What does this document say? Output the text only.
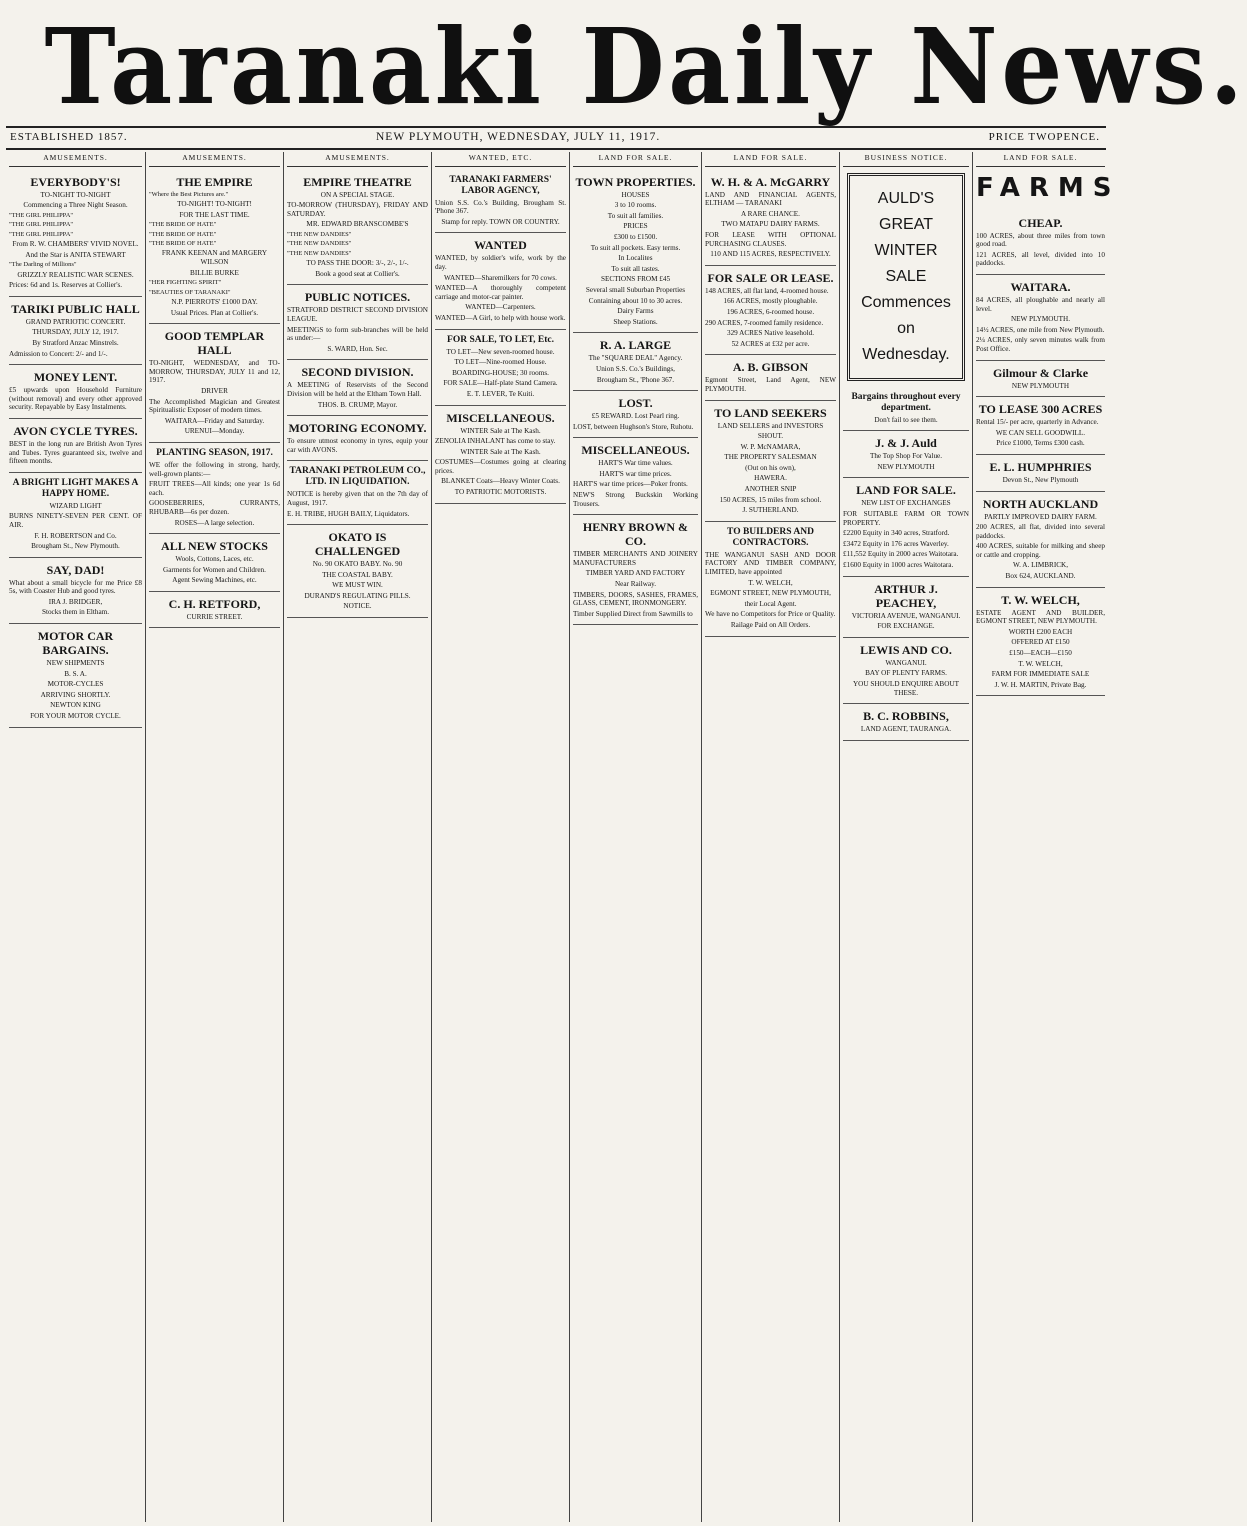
Taranaki Daily News.
ESTABLISHED 1857.	NEW PLYMOUTH, WEDNESDAY, JULY 11, 1917.	PRICE TWOPENCE.
AMUSEMENTS.
EVERYBODY'S!

TO-NIGHT TO-NIGHT

Commencing a Three Night Season.

"THE GIRL PHILIPPA"

"THE GIRL PHILIPPA"

"THE GIRL PHILIPPA"

From R. W. CHAMBERS' VIVID NOVEL.

And the Star is ANITA STEWART

"The Darling of Millions"

GRIZZLY REALISTIC WAR SCENES.

Prices: 6d and 1s. Reserves at Collier's.

TARIKI PUBLIC HALL

GRAND PATRIOTIC CONCERT.

THURSDAY, JULY 12, 1917.

By Stratford Anzac Minstrels.

Admission to Concert: 2/- and 1/-.

MONEY LENT.

£5 upwards upon Household Furniture (without removal) and every other approved security. Repayable by Easy Instalments.

AVON CYCLE TYRES.

BEST in the long run are British Avon Tyres and Tubes. Tyres guaranteed six, twelve and fifteen months.

A BRIGHT LIGHT MAKES A HAPPY HOME.

WIZARD LIGHT

BURNS NINETY-SEVEN PER CENT. OF AIR.

F. H. ROBERTSON and Co.

Brougham St., New Plymouth.

SAY, DAD!

What about a small bicycle for me Price £8 5s, with Coaster Hub and good tyres.

IRA J. BRIDGER,

Stocks them in Eltham.

MOTOR CAR BARGAINS.

NEW SHIPMENTS

B. S. A.

MOTOR-CYCLES

ARRIVING SHORTLY.

NEWTON KING

FOR YOUR MOTOR CYCLE.

AMUSEMENTS.
THE EMPIRE

"Where the Best Pictures are."

TO-NIGHT! TO-NIGHT!

FOR THE LAST TIME.

"THE BRIDE OF HATE"

"THE BRIDE OF HATE"

"THE BRIDE OF HATE"

FRANK KEENAN and MARGERY WILSON

BILLIE BURKE

"HER FIGHTING SPIRIT"

"BEAUTIES OF TARANAKI"

N.P. PIERROTS' £1000 DAY.

Usual Prices. Plan at Collier's.

GOOD TEMPLAR HALL

TO-NIGHT, WEDNESDAY, and TO-MORROW, THURSDAY, JULY 11 and 12, 1917.

DRIVER

The Accomplished Magician and Greatest Spiritualistic Exposer of modern times.

WAITARA—Friday and Saturday.

URENUI—Monday.

PLANTING SEASON, 1917.

WE offer the following in strong, hardy, well-grown plants:—

FRUIT TREES—All kinds; one year 1s 6d each.

GOOSEBERRIES, CURRANTS, RHUBARB—6s per dozen.

ROSES—A large selection.

ALL NEW STOCKS

Wools, Cottons, Laces, etc.

Garments for Women and Children.

Agent Sewing Machines, etc.

C. H. RETFORD,

CURRIE STREET.

AMUSEMENTS.
EMPIRE THEATRE

ON A SPECIAL STAGE.

TO-MORROW (THURSDAY), FRIDAY AND SATURDAY.

MR. EDWARD BRANSCOMBE'S

"THE NEW DANDIES"

"THE NEW DANDIES"

"THE NEW DANDIES"

TO PASS THE DOOR: 3/-, 2/-, 1/-.

Book a good seat at Collier's.

PUBLIC NOTICES.

STRATFORD DISTRICT SECOND DIVISION LEAGUE.

MEETINGS to form sub-branches will be held as under:—

S. WARD, Hon. Sec.

SECOND DIVISION.

A MEETING of Reservists of the Second Division will be held at the Eltham Town Hall.

THOS. B. CRUMP, Mayor.

MOTORING ECONOMY.

To ensure utmost economy in tyres, equip your car with AVONS.

TARANAKI PETROLEUM CO., LTD. IN LIQUIDATION.

NOTICE is hereby given that on the 7th day of August, 1917.

E. H. TRIBE, HUGH BAILY, Liquidators.

OKATO IS CHALLENGED

No. 90 OKATO BABY. No. 90

THE COASTAL BABY.

WE MUST WIN.

DURAND'S REGULATING PILLS.

NOTICE.

WANTED, ETC.
TARANAKI FARMERS' LABOR AGENCY,

Union S.S. Co.'s Building, Brougham St. 'Phone 367.

Stamp for reply. TOWN OR COUNTRY.

WANTED

WANTED, by soldier's wife, work by the day.

WANTED—Sharemilkers for 70 cows.

WANTED—A thoroughly competent carriage and motor-car painter.

WANTED—Carpenters.

WANTED—A Girl, to help with house work.

FOR SALE, TO LET, Etc.

TO LET—New seven-roomed house.

TO LET—Nine-roomed House.

BOARDING-HOUSE; 30 rooms.

FOR SALE—Half-plate Stand Camera.

E. T. LEVER, Te Kuiti.

MISCELLANEOUS.

WINTER Sale at The Kash.

ZENOLIA INHALANT has come to stay.

WINTER Sale at The Kash.

COSTUMES—Costumes going at clearing prices.

BLANKET Coats—Heavy Winter Coats.

TO PATRIOTIC MOTORISTS.

LAND FOR SALE.
TOWN PROPERTIES.

HOUSES

3 to 10 rooms.

To suit all families.

PRICES

£300 to £1500.

To suit all pockets. Easy terms.

In Localites

To suit all tastes.

SECTIONS FROM £45

Several small Suburban Properties

Containing about 10 to 30 acres.

Dairy Farms

Sheep Stations.

R. A. LARGE

The "SQUARE DEAL" Agency.

Union S.S. Co.'s Buildings,

Brougham St., 'Phone 367.

LOST.

£5 REWARD. Lost Pearl ring.

LOST, between Hughson's Store, Ruhotu.

MISCELLANEOUS.

HART'S War time values.

HART'S war time prices.

HART'S war time prices—Poker fronts.

NEW'S Strong Buckskin Working Trousers.

HENRY BROWN & CO.

TIMBER MERCHANTS AND JOINERY MANUFACTURERS

TIMBER YARD AND FACTORY

Near Railway.

TIMBERS, DOORS, SASHES, FRAMES, GLASS, CEMENT, IRONMONGERY.

Timber Supplied Direct from Sawmills to

LAND FOR SALE.
W. H. & A. McGARRY

LAND AND FINANCIAL AGENTS, ELTHAM — TARANAKI

A RARE CHANCE.

TWO MATAPU DAIRY FARMS.

FOR LEASE WITH OPTIONAL PURCHASING CLAUSES.

110 AND 115 ACRES, RESPECTIVELY.

FOR SALE OR LEASE.

148 ACRES, all flat land, 4-roomed house.

166 ACRES, mostly ploughable.

196 ACRES, 6-roomed house.

290 ACRES, 7-roomed family residence.

329 ACRES Native leasehold.

52 ACRES at £32 per acre.

A. B. GIBSON

Egmont Street, Land Agent, NEW PLYMOUTH.

TO LAND SEEKERS

LAND SELLERS and INVESTORS

SHOUT.

W. P. McNAMARA,

THE PROPERTY SALESMAN

(Out on his own),

HAWERA.

ANOTHER SNIP

150 ACRES, 15 miles from school.

J. SUTHERLAND.

TO BUILDERS AND CONTRACTORS.

THE WANGANUI SASH AND DOOR FACTORY AND TIMBER COMPANY, LIMITED, have appointed

T. W. WELCH,

EGMONT STREET, NEW PLYMOUTH,

their Local Agent.

We have no Competitors for Price or Quality.

Railage Paid on All Orders.

BUSINESS NOTICE.
AULD'S
GREAT
WINTER
SALE
Commences
on Wednesday.
Bargains throughout every department.

Don't fail to see them.

J. & J. Auld

The Top Shop For Value.

NEW PLYMOUTH

LAND FOR SALE.

NEW LIST OF EXCHANGES

FOR SUITABLE FARM OR TOWN PROPERTY.

£2200 Equity in 340 acres, Stratford.

£3472 Equity in 176 acres Waverley.

£11,552 Equity in 2000 acres Waitotara.

£1600 Equity in 1000 acres Waitotara.

ARTHUR J. PEACHEY,

VICTORIA AVENUE, WANGANUI.

FOR EXCHANGE.

LEWIS AND CO.

WANGANUI.

BAY OF PLENTY FARMS.

YOU SHOULD ENQUIRE ABOUT THESE.

B. C. ROBBINS,

LAND AGENT, TAURANGA.

LAND FOR SALE.
FARMS
CHEAP.

100 ACRES, about three miles from town good road.

121 ACRES, all level, divided into 10 paddocks.

WAITARA.

84 ACRES, all ploughable and nearly all level.

NEW PLYMOUTH.

14½ ACRES, one mile from New Plymouth.

2¼ ACRES, only seven minutes walk from Post Office.

Gilmour & Clarke

NEW PLYMOUTH

TO LEASE 300 ACRES

Rental 15/- per acre, quarterly in Advance.

WE CAN SELL GOODWILL.

Price £1000, Terms £300 cash.

E. L. HUMPHRIES

Devon St., New Plymouth

NORTH AUCKLAND

PARTLY IMPROVED DAIRY FARM.

200 ACRES, all flat, divided into several paddocks.

400 ACRES, suitable for milking and sheep or cattle and cropping.

W. A. LIMBRICK,

Box 624, AUCKLAND.

T. W. WELCH,

ESTATE AGENT AND BUILDER, EGMONT STREET, NEW PLYMOUTH.

WORTH £200 EACH

OFFERED AT £150

£150—EACH—£150

T. W. WELCH,

FARM FOR IMMEDIATE SALE

J. W. H. MARTIN, Private Bag.
